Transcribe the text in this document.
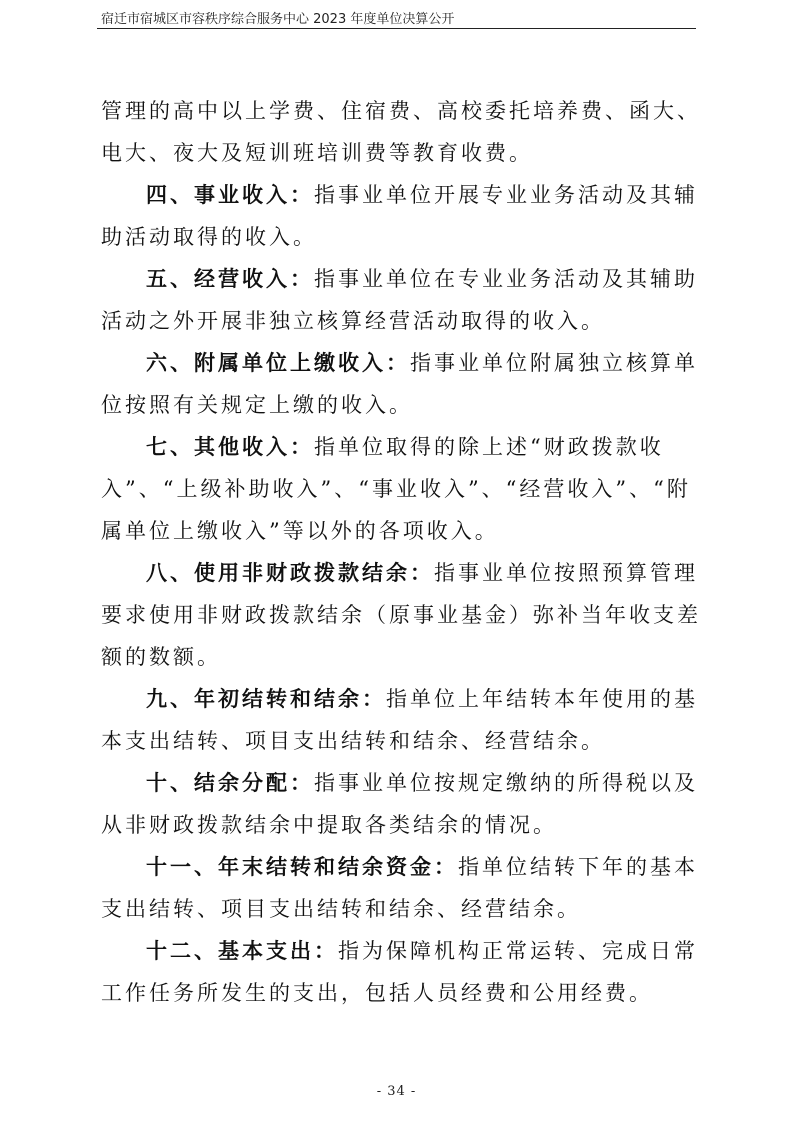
宿迁市宿城区市容秩序综合服务中心 2023 年度单位决算公开

管理的高中以上学费、住宿费、高校委托培养费、函大、电大、夜大及短训班培训费等教育收费。

四、事业收入：指事业单位开展专业业务活动及其辅助活动取得的收入。

五、经营收入：指事业单位在专业业务活动及其辅助活动之外开展非独立核算经营活动取得的收入。

六、附属单位上缴收入：指事业单位附属独立核算单位按照有关规定上缴的收入。

七、其他收入：指单位取得的除上述“财政拨款收入”、“上级补助收入”、“事业收入”、“经营收入”、“附属单位上缴收入”等以外的各项收入。

八、使用非财政拨款结余：指事业单位按照预算管理要求使用非财政拨款结余（原事业基金）弥补当年收支差额的数额。

九、年初结转和结余：指单位上年结转本年使用的基本支出结转、项目支出结转和结余、经营结余。

十、结余分配：指事业单位按规定缴纳的所得税以及从非财政拨款结余中提取各类结余的情况。

十一、年末结转和结余资金：指单位结转下年的基本支出结转、项目支出结转和结余、经营结余。

十二、基本支出：指为保障机构正常运转、完成日常工作任务所发生的支出，包括人员经费和公用经费。

- 34 -
